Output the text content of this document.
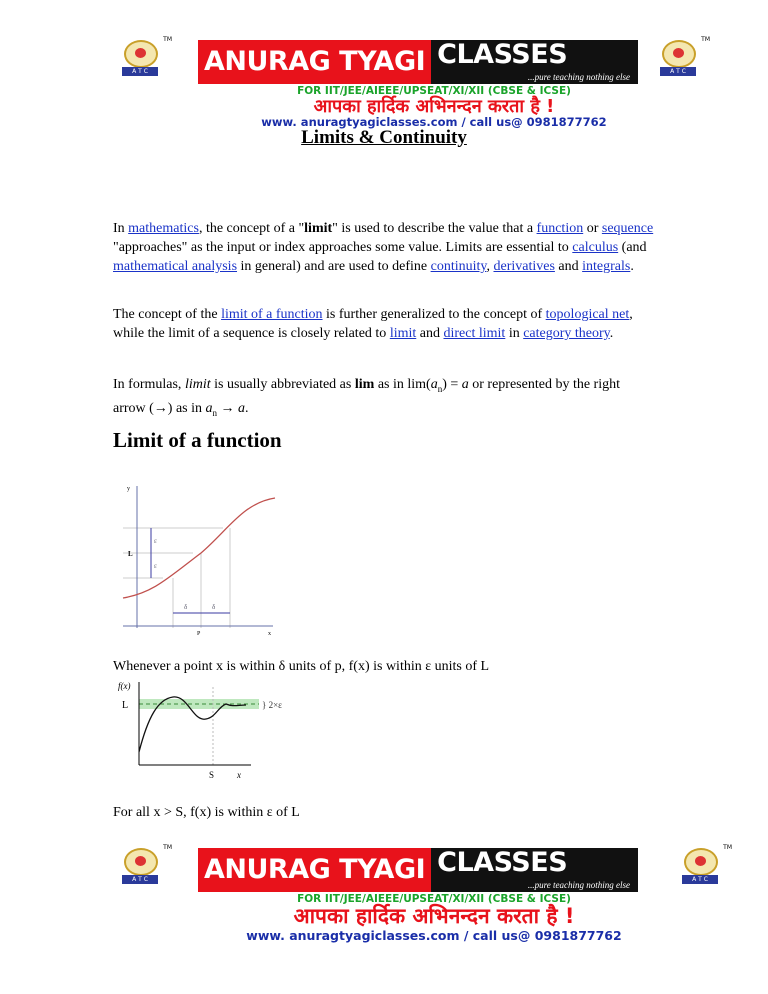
A T C
TM
ANURAG TYAGI CLASSES
...pure teaching nothing else
A T C
TM
FOR IIT/JEE/AIEEE/UPSEAT/XI/XII (CBSE & ICSE)
आपका हार्दिक अभिनन्दन करता है !
www. anuragtyagiclasses.com / call us@ 0981877762
Limits & Continuity
In mathematics, the concept of a "limit" is used to describe the value that a function or sequence "approaches" as the input or index approaches some value. Limits are essential to calculus (and mathematical analysis in general) and are used to define continuity, derivatives and integrals.
The concept of the limit of a function is further generalized to the concept of topological net, while the limit of a sequence is closely related to limit and direct limit in category theory.
In formulas, limit is usually abbreviated as lim as in $\lim(a_n) = a$ or represented by the right arrow (→) as in $a_n \to a$.
Limit of a function
y
x
L
P
ε
ε
δ	δ
Whenever a point x is within δ units of p, f(x) is within ε units of L
f(x)
L
S	x
} 2×ε
For all x > S, f(x) is within ε of L
A T C
TM
ANURAG TYAGI CLASSES
...pure teaching nothing else
A T C
TM
FOR IIT/JEE/AIEEE/UPSEAT/XI/XII (CBSE & ICSE)
आपका हार्दिक अभिनन्दन करता है !
www. anuragtyagiclasses.com / call us@ 0981877762
